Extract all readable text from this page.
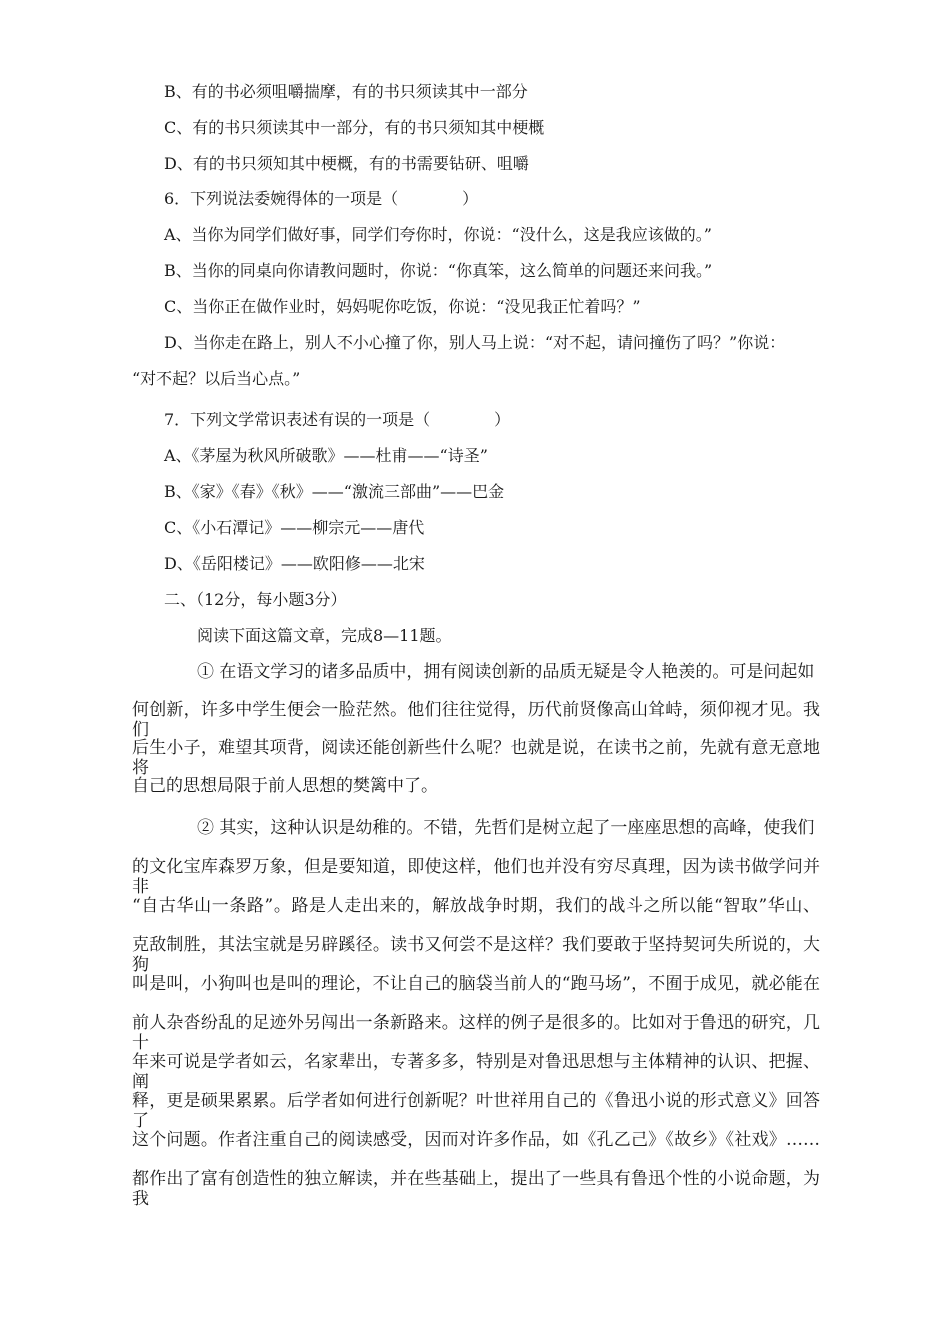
B、有的书必须咀嚼揣摩，有的书只须读其中一部分
C、有的书只须读其中一部分，有的书只须知其中梗概
D、有的书只须知其中梗概，有的书需要钻研、咀嚼
6．下列说法委婉得体的一项是（　　　　）
A、当你为同学们做好事，同学们夸你时，你说：“没什么，这是我应该做的。”
B、当你的同桌向你请教问题时，你说：“你真笨，这么简单的问题还来问我。”
C、当你正在做作业时，妈妈呢你吃饭，你说：“没见我正忙着吗？”
D、当你走在路上，别人不小心撞了你，别人马上说：“对不起，请问撞伤了吗？”你说：
“对不起？以后当心点。”
7．下列文学常识表述有误的一项是（　　　　）
A、《茅屋为秋风所破歌》——杜甫——“诗圣”
B、《家》《春》《秋》——“激流三部曲”——巴金
C、《小石潭记》——柳宗元——唐代
D、《岳阳楼记》——欧阳修——北宋
二、（12分，每小题3分）
阅读下面这篇文章，完成8—11题。
① 在语文学习的诸多品质中，拥有阅读创新的品质无疑是令人艳羡的。可是问起如
何创新，许多中学生便会一脸茫然。他们往往觉得，历代前贤像高山耸峙，须仰视才见。我们
后生小子，难望其项背，阅读还能创新些什么呢？也就是说，在读书之前，先就有意无意地将
自己的思想局限于前人思想的樊篱中了。
② 其实，这种认识是幼稚的。不错，先哲们是树立起了一座座思想的高峰，使我们
的文化宝库森罗万象，但是要知道，即使这样，他们也并没有穷尽真理，因为读书做学问并非
“自古华山一条路”。路是人走出来的，解放战争时期，我们的战斗之所以能“智取”华山、
克敌制胜，其法宝就是另辟蹊径。读书又何尝不是这样？我们要敢于坚持契诃失所说的，大狗
叫是叫，小狗叫也是叫的理论，不让自己的脑袋当前人的“跑马场”，不囿于成见，就必能在
前人杂沓纷乱的足迹外另闯出一条新路来。这样的例子是很多的。比如对于鲁迅的研究，几十
年来可说是学者如云，名家辈出，专著多多，特别是对鲁迅思想与主体精神的认识、把握、阐
释，更是硕果累累。后学者如何进行创新呢？叶世祥用自己的《鲁迅小说的形式意义》回答了
这个问题。作者注重自己的阅读感受，因而对许多作品，如《孔乙己》《故乡》《社戏》……
都作出了富有创造性的独立解读，并在些基础上，提出了一些具有鲁迅个性的小说命题，为我
